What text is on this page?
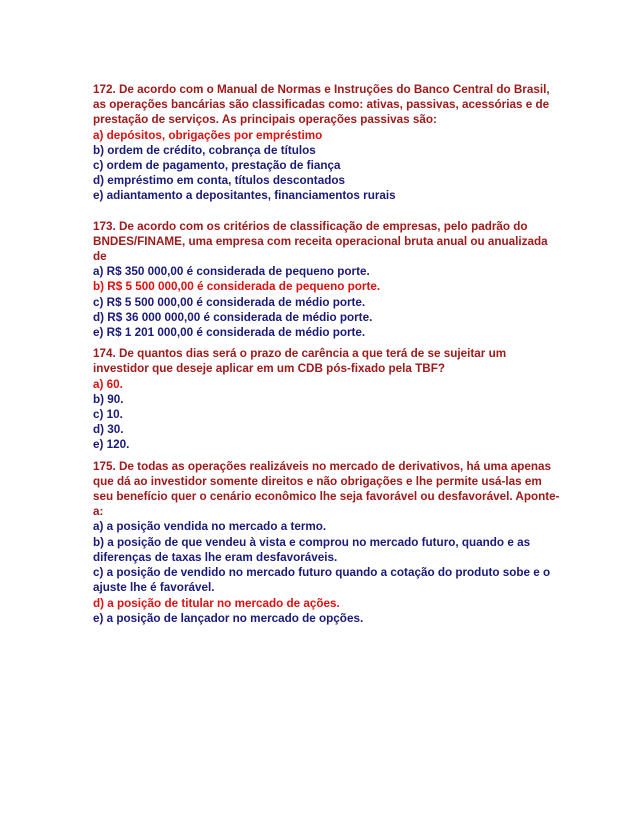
172. De acordo com o Manual de Normas e Instruções do Banco Central do Brasil, as operações bancárias são classificadas como: ativas, passivas, acessórias e de prestação de serviços. As principais operações passivas são:
a) depósitos, obrigações por empréstimo
b) ordem de crédito, cobrança de títulos
c) ordem de pagamento, prestação de fiança
d) empréstimo em conta, títulos descontados
e) adiantamento a depositantes, financiamentos rurais
173. De acordo com os critérios de classificação de empresas, pelo padrão do BNDES/FINAME, uma empresa com receita operacional bruta anual ou anualizada de
a) R$ 350 000,00 é considerada de pequeno porte.
b) R$ 5 500 000,00 é considerada de pequeno porte.
c) R$ 5 500 000,00 é considerada de médio porte.
d) R$ 36 000 000,00 é considerada de médio porte.
e) R$ 1 201 000,00 é considerada de médio porte.
174. De quantos dias será o prazo de carência a que terá de se sujeitar um investidor que deseje aplicar em um CDB pós-fixado pela TBF?
a) 60.
b) 90.
c) 10.
d) 30.
e) 120.
175. De todas as operações realizáveis no mercado de derivativos, há uma apenas que dá ao investidor somente direitos e não obrigações e lhe permite usá-las em seu benefício quer o cenário econômico lhe seja favorável ou desfavorável. Aponte-a:
a) a posição vendida no mercado a termo.
b) a posição de que vendeu à vista e comprou no mercado futuro, quando e as diferenças de taxas lhe eram desfavoráveis.
c) a posição de vendido no mercado futuro quando a cotação do produto sobe e o ajuste lhe é favorável.
d) a posição de titular no mercado de ações.
e) a posição de lançador no mercado de opções.
